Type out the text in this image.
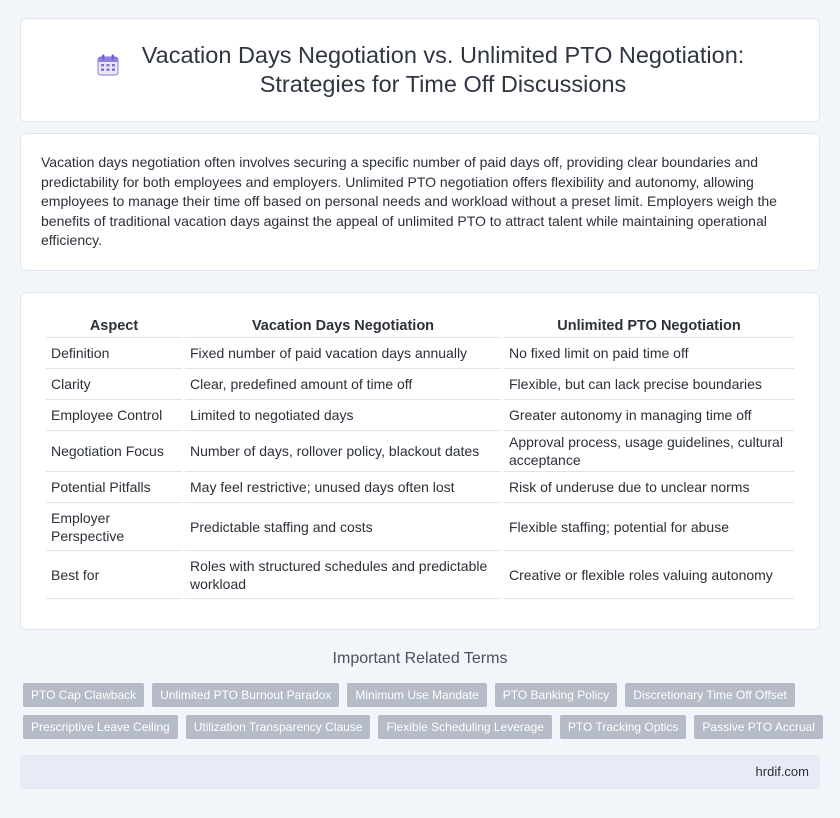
Vacation Days Negotiation vs. Unlimited PTO Negotiation:
Strategies for Time Off Discussions

Vacation days negotiation often involves securing a specific number of paid days off, providing clear boundaries and predictability for both employees and employers. Unlimited PTO negotiation offers flexibility and autonomy, allowing employees to manage their time off based on personal needs and workload without a preset limit. Employers weigh the benefits of traditional vacation days against the appeal of unlimited PTO to attract talent while maintaining operational efficiency.

Aspect	Vacation Days Negotiation	Unlimited PTO Negotiation
Definition	Fixed number of paid vacation days annually	No fixed limit on paid time off
Clarity	Clear, predefined amount of time off	Flexible, but can lack precise boundaries
Employee Control	Limited to negotiated days	Greater autonomy in managing time off
Negotiation Focus	Number of days, rollover policy, blackout dates	Approval process, usage guidelines, cultural acceptance
Potential Pitfalls	May feel restrictive; unused days often lost	Risk of underuse due to unclear norms
Employer Perspective	Predictable staffing and costs	Flexible staffing; potential for abuse
Best for	Roles with structured schedules and predictable workload	Creative or flexible roles valuing autonomy
Important Related Terms
PTO Cap Clawback	Unlimited PTO Burnout Paradox	Minimum Use Mandate	PTO Banking Policy	Discretionary Time Off Offset
Prescriptive Leave Ceiling	Utilization Transparency Clause	Flexible Scheduling Leverage	PTO Tracking Optics	Passive PTO Accrual
hrdif.com
